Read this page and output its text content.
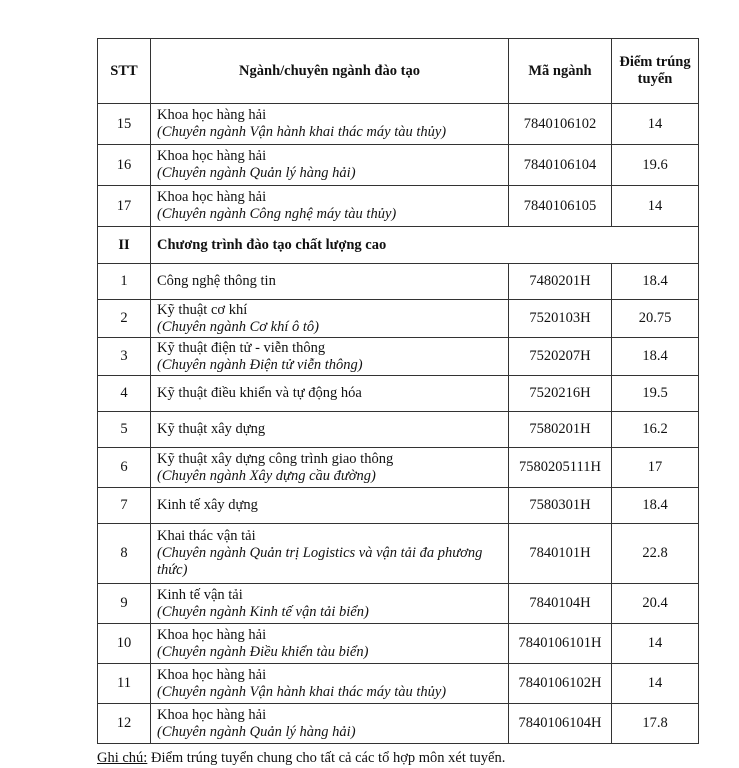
STT	Ngành/chuyên ngành đào tạo	Mã ngành	Điểm trúng tuyển
15	Khoa học hàng hải
(Chuyên ngành Vận hành khai thác máy tàu thủy)	7840106102	14
16	Khoa học hàng hải
(Chuyên ngành Quản lý hàng hải)	7840106104	19.6
17	Khoa học hàng hải
(Chuyên ngành Công nghệ máy tàu thủy)	7840106105	14
II	Chương trình đào tạo chất lượng cao		
1	Công nghệ thông tin	7480201H	18.4
2	Kỹ thuật cơ khí
(Chuyên ngành Cơ khí ô tô)	7520103H	20.75
3	Kỹ thuật điện tử - viễn thông
(Chuyên ngành Điện tử viễn thông)	7520207H	18.4
4	Kỹ thuật điều khiển và tự động hóa	7520216H	19.5
5	Kỹ thuật xây dựng	7580201H	16.2
6	Kỹ thuật xây dựng công trình giao thông
(Chuyên ngành Xây dựng cầu đường)	7580205111H	17
7	Kinh tế xây dựng	7580301H	18.4
8	Khai thác vận tải
(Chuyên ngành Quản trị Logistics và vận tải đa phương thức)	7840101H	22.8
9	Kinh tế vận tải
(Chuyên ngành Kinh tế vận tải biển)	7840104H	20.4
10	Khoa học hàng hải
(Chuyên ngành Điều khiển tàu biển)	7840106101H	14
11	Khoa học hàng hải
(Chuyên ngành Vận hành khai thác máy tàu thủy)	7840106102H	14
12	Khoa học hàng hải
(Chuyên ngành Quản lý hàng hải)	7840106104H	17.8
Ghi chú: Điểm trúng tuyển chung cho tất cả các tổ hợp môn xét tuyển.
